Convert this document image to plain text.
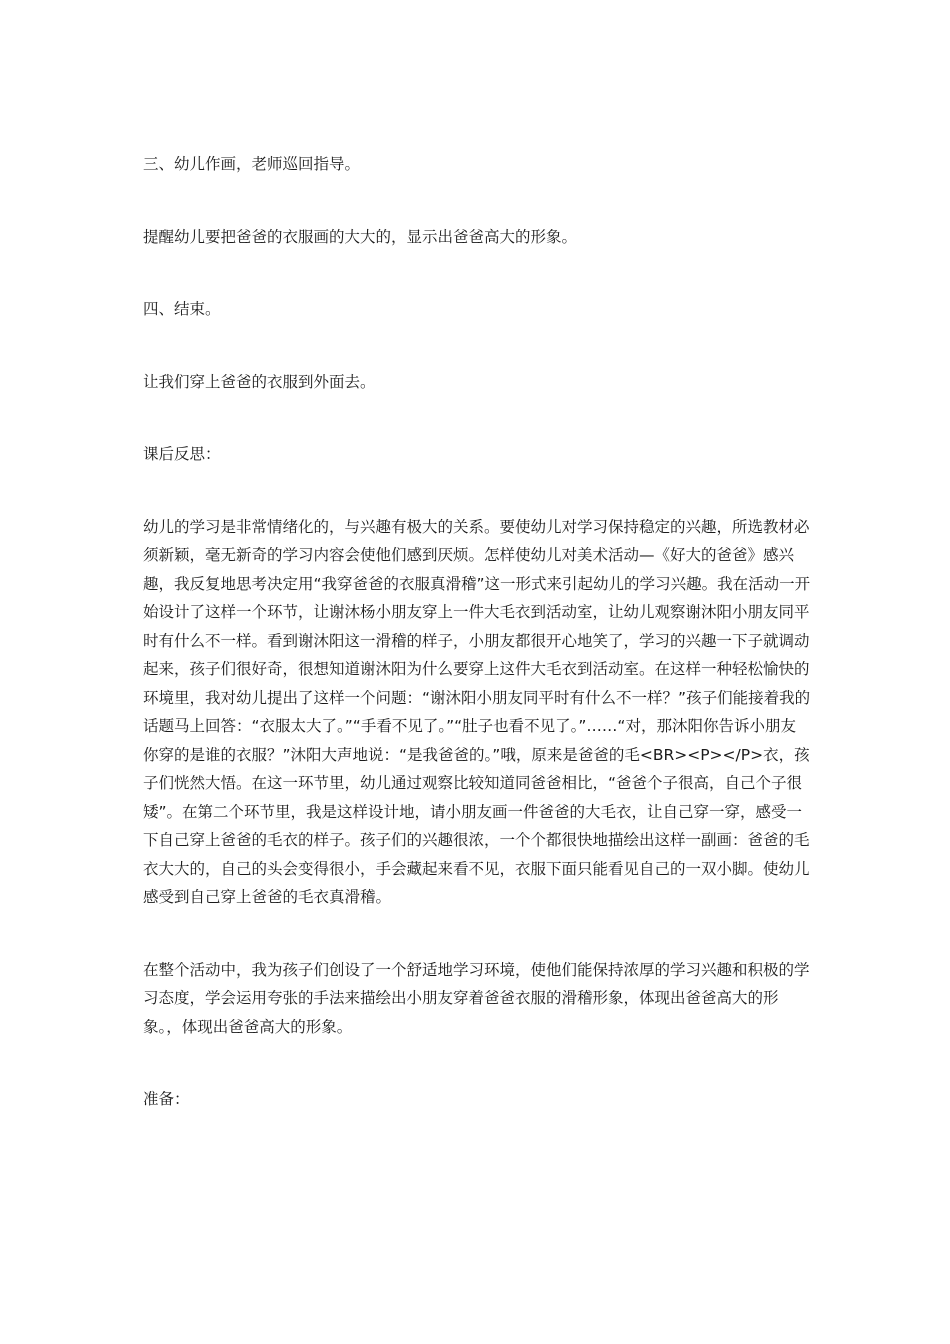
三、幼儿作画，老师巡回指导。

提醒幼儿要把爸爸的衣服画的大大的，显示出爸爸高大的形象。

四、结束。

让我们穿上爸爸的衣服到外面去。

课后反思：

幼儿的学习是非常情绪化的，与兴趣有极大的关系。要使幼儿对学习保持稳定的兴趣，所选教材必须新颖，毫无新奇的学习内容会使他们感到厌烦。怎样使幼儿对美术活动—《好大的爸爸》感兴趣，我反复地思考决定用“我穿爸爸的衣服真滑稽”这一形式来引起幼儿的学习兴趣。我在活动一开始设计了这样一个环节，让谢沐杨小朋友穿上一件大毛衣到活动室，让幼儿观察谢沐阳小朋友同平时有什么不一样。看到谢沐阳这一滑稽的样子，小朋友都很开心地笑了，学习的兴趣一下子就调动起来，孩子们很好奇，很想知道谢沐阳为什么要穿上这件大毛衣到活动室。在这样一种轻松愉快的环境里，我对幼儿提出了这样一个问题：“谢沐阳小朋友同平时有什么不一样？”孩子们能接着我的话题马上回答：“衣服太大了。”“手看不见了。”“肚子也看不见了。”……“对，那沐阳你告诉小朋友你穿的是谁的衣服？”沐阳大声地说：“是我爸爸的。”哦，原来是爸爸的毛<BR><P></P>衣，孩子们恍然大悟。在这一环节里，幼儿通过观察比较知道同爸爸相比，“爸爸个子很高，自己个子很矮”。在第二个环节里，我是这样设计地，请小朋友画一件爸爸的大毛衣，让自己穿一穿，感受一下自己穿上爸爸的毛衣的样子。孩子们的兴趣很浓，一个个都很快地描绘出这样一副画：爸爸的毛衣大大的，自己的头会变得很小，手会藏起来看不见，衣服下面只能看见自己的一双小脚。使幼儿感受到自己穿上爸爸的毛衣真滑稽。

在整个活动中，我为孩子们创设了一个舒适地学习环境，使他们能保持浓厚的学习兴趣和积极的学习态度，学会运用夸张的手法来描绘出小朋友穿着爸爸衣服的滑稽形象，体现出爸爸高大的形象。，体现出爸爸高大的形象。

准备：
